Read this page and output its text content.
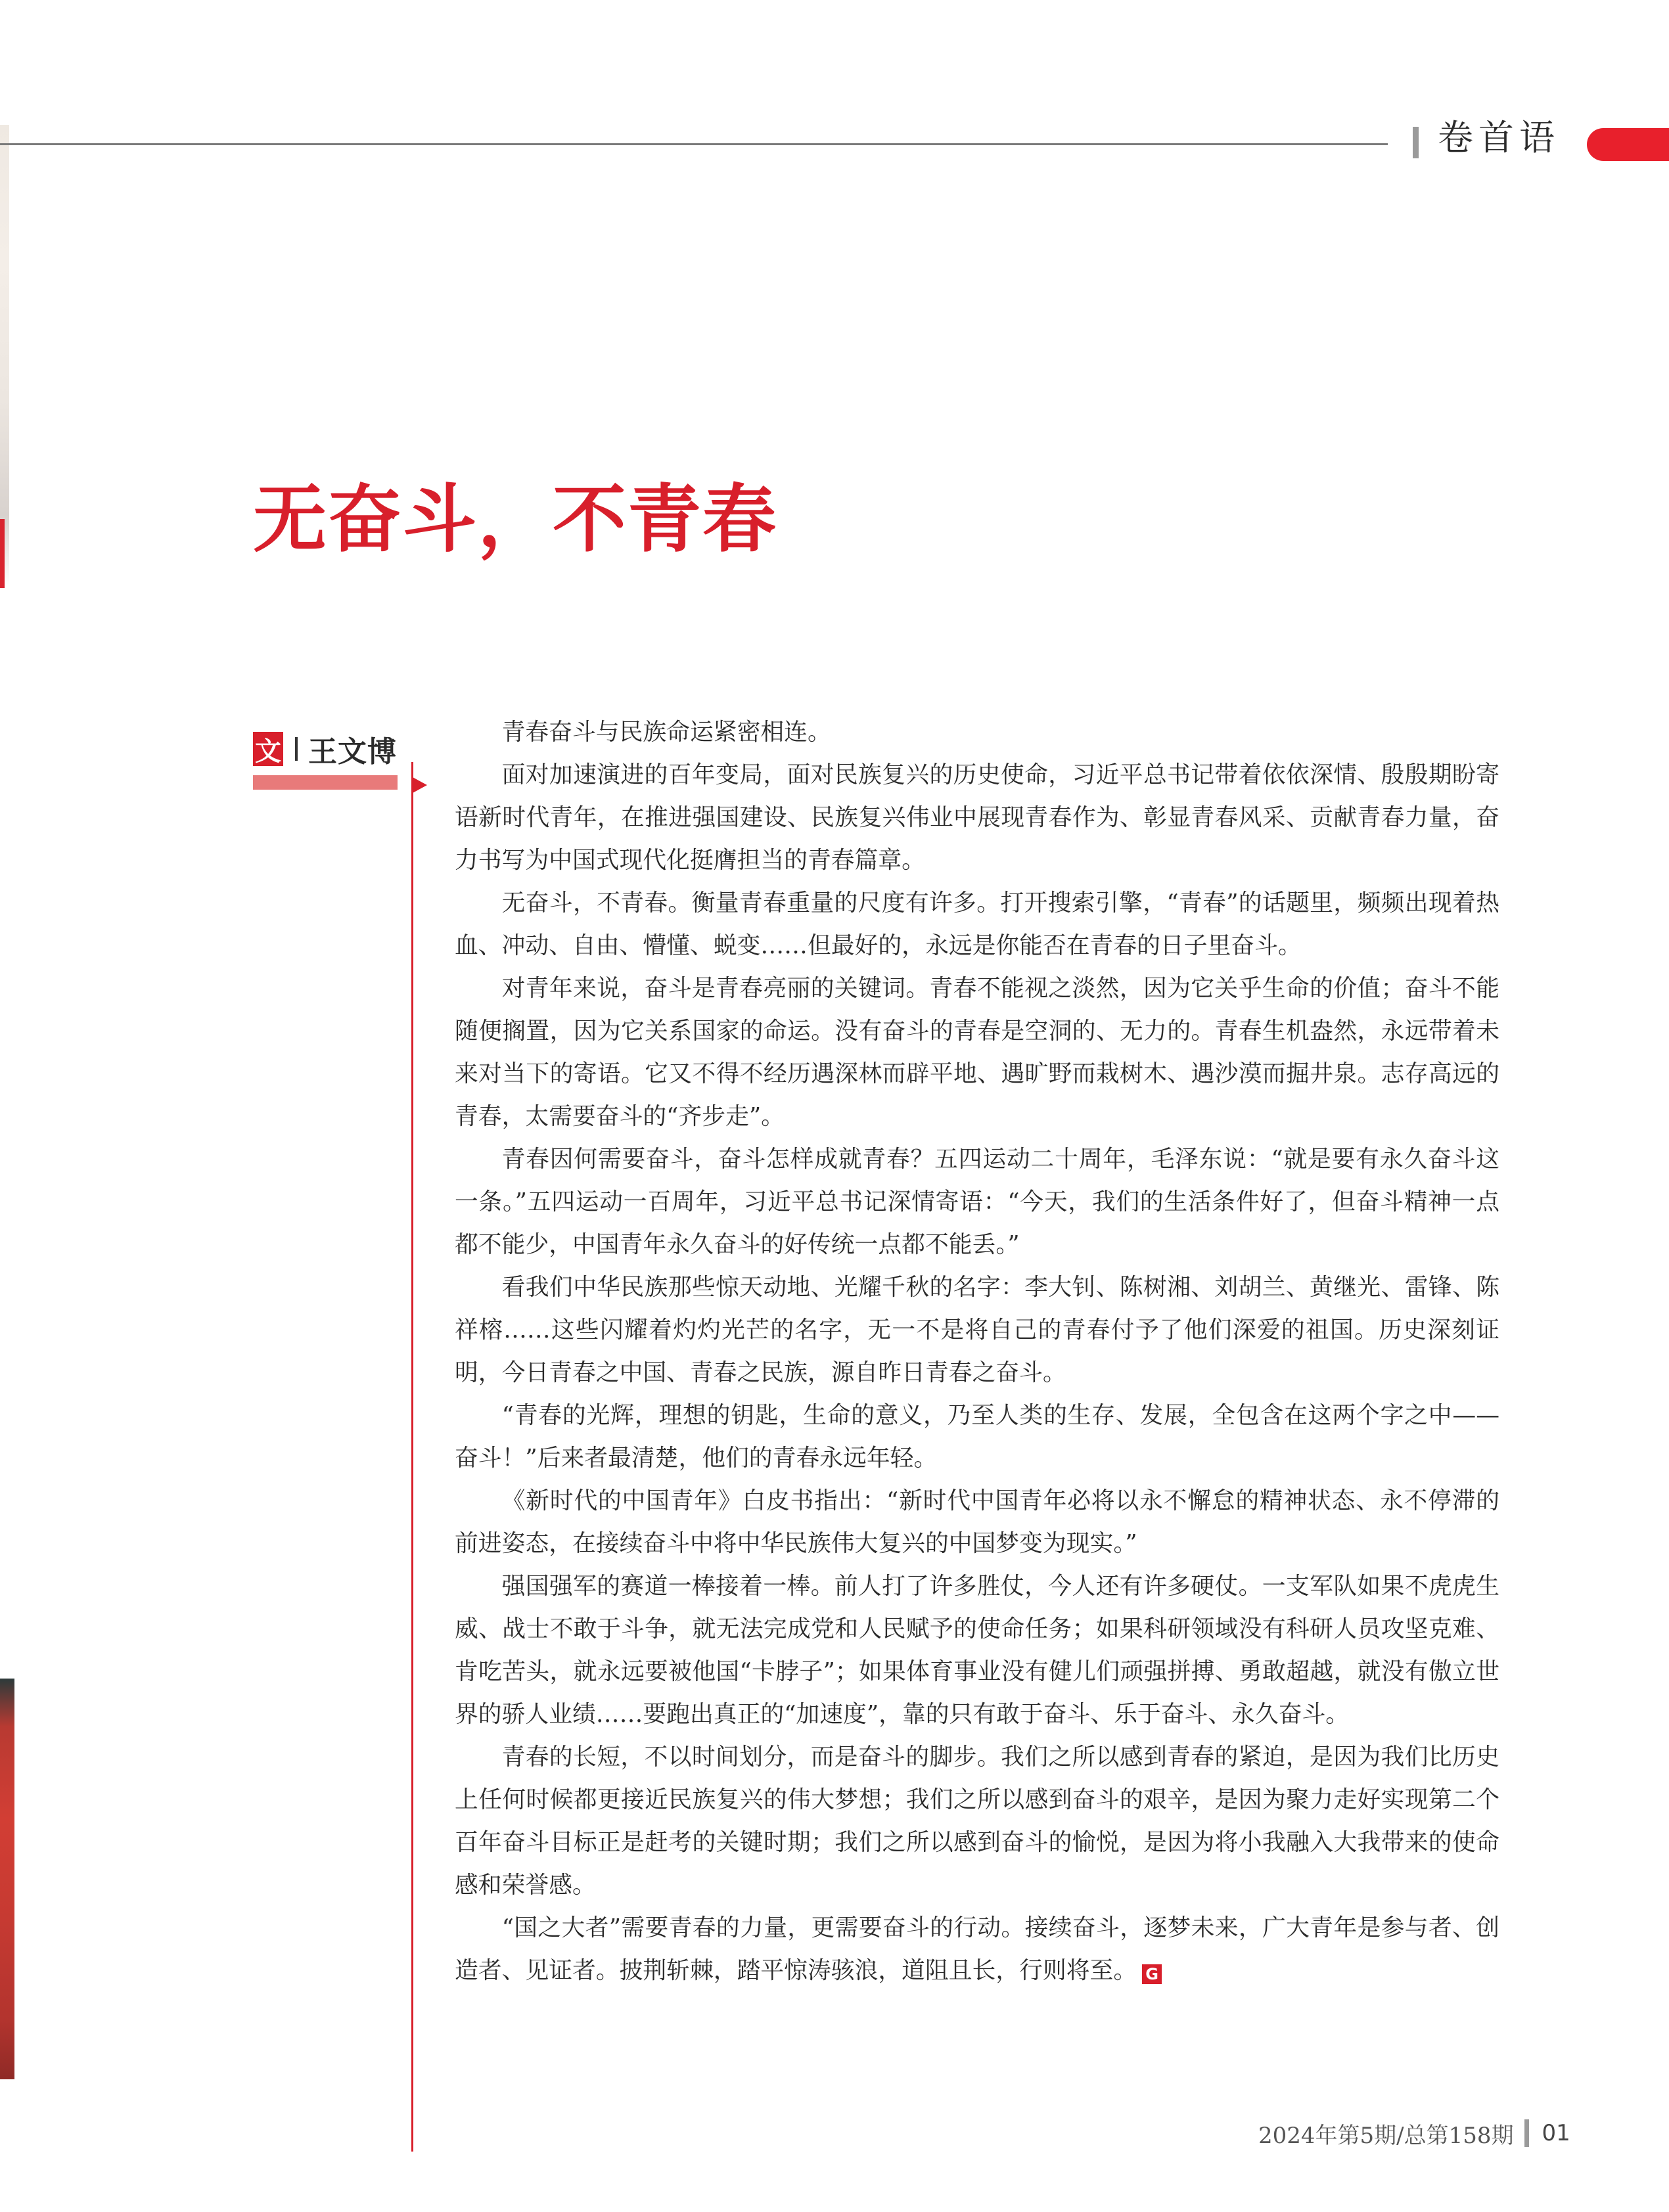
卷首语
无奋斗，不青春
文 王文博

青春奋斗与民族命运紧密相连。

面对加速演进的百年变局，面对民族复兴的历史使命，习近平总书记带着依依深情、殷殷期盼寄语新时代青年，在推进强国建设、民族复兴伟业中展现青春作为、彰显青春风采、贡献青春力量，奋力书写为中国式现代化挺膺担当的青春篇章。

无奋斗，不青春。衡量青春重量的尺度有许多。打开搜索引擎，“青春”的话题里，频频出现着热血、冲动、自由、懵懂、蜕变……但最好的，永远是你能否在青春的日子里奋斗。

对青年来说，奋斗是青春亮丽的关键词。青春不能视之淡然，因为它关乎生命的价值；奋斗不能随便搁置，因为它关系国家的命运。没有奋斗的青春是空洞的、无力的。青春生机盎然，永远带着未来对当下的寄语。它又不得不经历遇深林而辟平地、遇旷野而栽树木、遇沙漠而掘井泉。志存高远的青春，太需要奋斗的“齐步走”。

青春因何需要奋斗，奋斗怎样成就青春？五四运动二十周年，毛泽东说：“就是要有永久奋斗这一条。”五四运动一百周年，习近平总书记深情寄语：“今天，我们的生活条件好了，但奋斗精神一点都不能少，中国青年永久奋斗的好传统一点都不能丢。”

看我们中华民族那些惊天动地、光耀千秋的名字：李大钊、陈树湘、刘胡兰、黄继光、雷锋、陈祥榕……这些闪耀着灼灼光芒的名字，无一不是将自己的青春付予了他们深爱的祖国。历史深刻证明，今日青春之中国、青春之民族，源自昨日青春之奋斗。

“青春的光辉，理想的钥匙，生命的意义，乃至人类的生存、发展，全包含在这两个字之中——奋斗！”后来者最清楚，他们的青春永远年轻。

《新时代的中国青年》白皮书指出：“新时代中国青年必将以永不懈怠的精神状态、永不停滞的前进姿态，在接续奋斗中将中华民族伟大复兴的中国梦变为现实。”

强国强军的赛道一棒接着一棒。前人打了许多胜仗，今人还有许多硬仗。一支军队如果不虎虎生威、战士不敢于斗争，就无法完成党和人民赋予的使命任务；如果科研领域没有科研人员攻坚克难、肯吃苦头，就永远要被他国“卡脖子”；如果体育事业没有健儿们顽强拼搏、勇敢超越，就没有傲立世界的骄人业绩……要跑出真正的“加速度”，靠的只有敢于奋斗、乐于奋斗、永久奋斗。

青春的长短，不以时间划分，而是奋斗的脚步。我们之所以感到青春的紧迫，是因为我们比历史上任何时候都更接近民族复兴的伟大梦想；我们之所以感到奋斗的艰辛，是因为聚力走好实现第二个百年奋斗目标正是赶考的关键时期；我们之所以感到奋斗的愉悦，是因为将小我融入大我带来的使命感和荣誉感。

“国之大者”需要青春的力量，更需要奋斗的行动。接续奋斗，逐梦未来，广大青年是参与者、创造者、见证者。披荆斩棘，踏平惊涛骇浪，道阻且长，行则将至。 G

2024年第5期/总第158期 01
